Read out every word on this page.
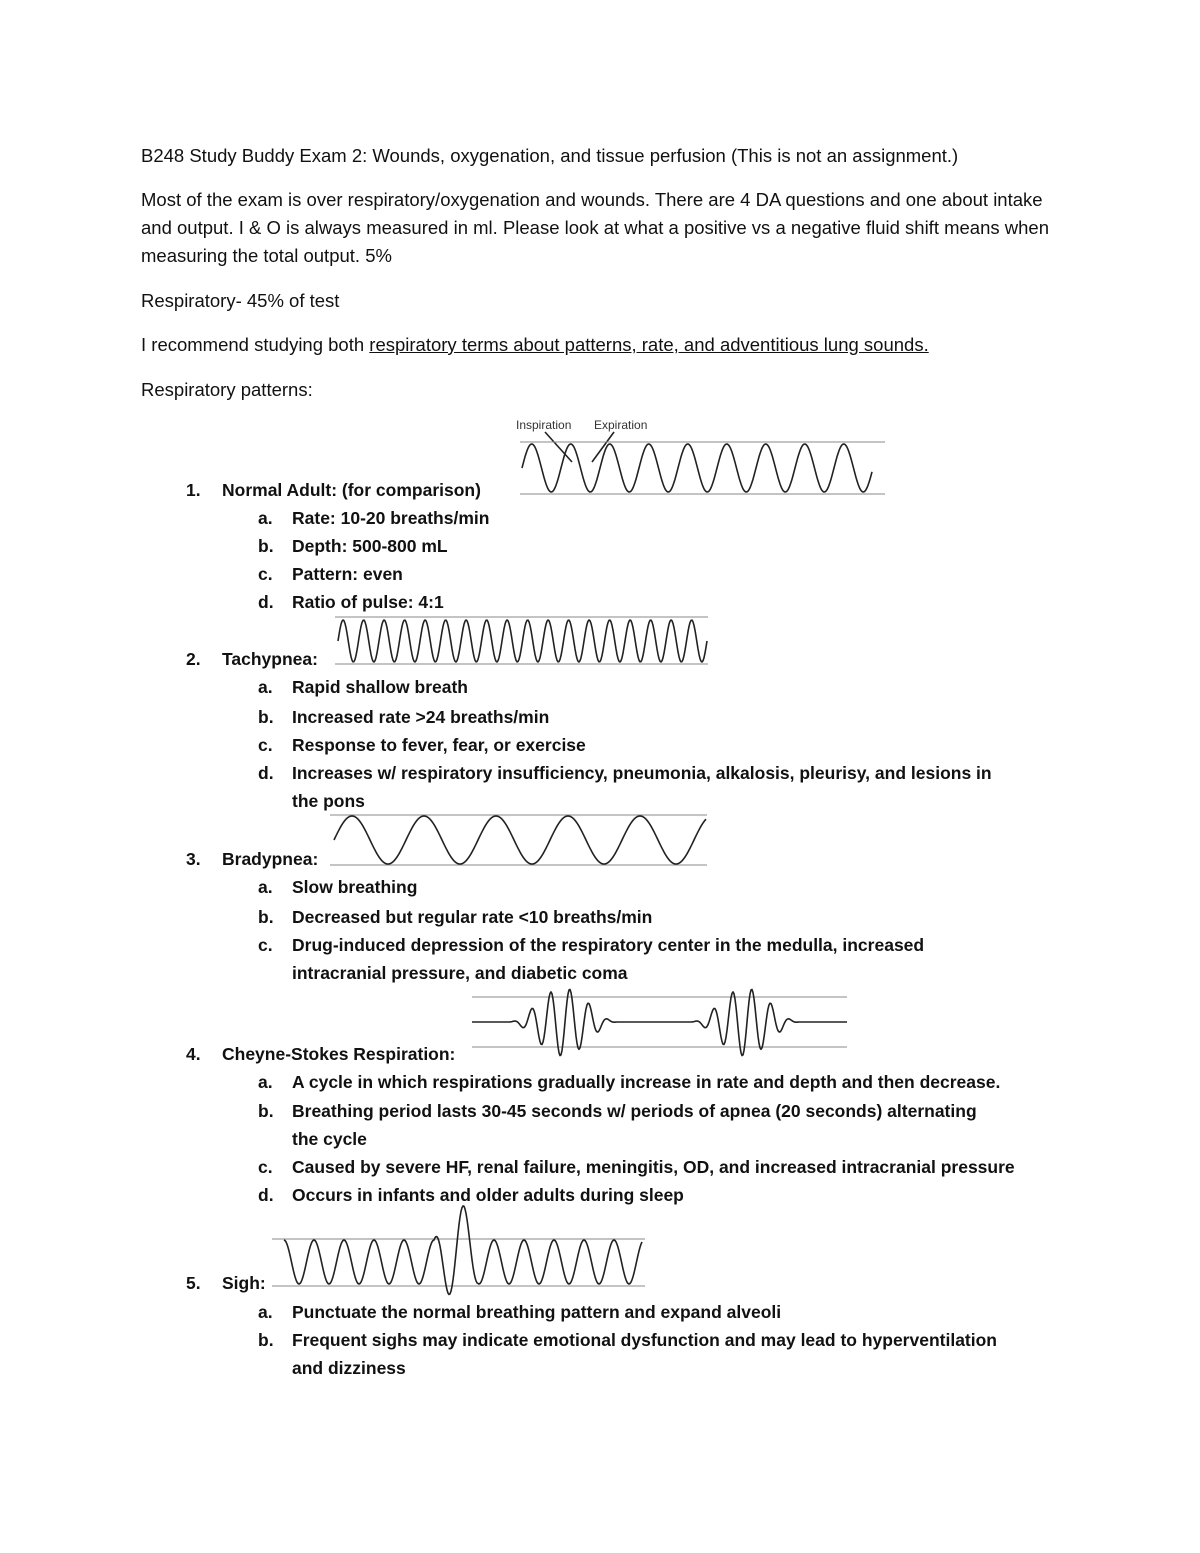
B248 Study Buddy Exam 2: Wounds, oxygenation, and tissue perfusion (This is not an assignment.)

Most of the exam is over respiratory/oxygenation and wounds. There are 4 DA questions and one about intake and output. I & O is always measured in ml. Please look at what a positive vs a negative fluid shift means when measuring the total output. 5%

Respiratory- 45% of test

I recommend studying both respiratory terms about patterns, rate, and adventitious lung sounds.

Respiratory patterns:

1. Normal Adult: (for comparison)
a. Rate: 10-20 breaths/min
b. Depth: 500-800 mL
c. Pattern: even
d. Ratio of pulse: 4:1
2. Tachypnea:
a. Rapid shallow breath
b. Increased rate >24 breaths/min
c. Response to fever, fear, or exercise
d. Increases w/ respiratory insufficiency, pneumonia, alkalosis, pleurisy, and lesions in
the pons
3. Bradypnea:
a. Slow breathing
b. Decreased but regular rate <10 breaths/min
c. Drug-induced depression of the respiratory center in the medulla, increased
intracranial pressure, and diabetic coma
4. Cheyne-Stokes Respiration:
a. A cycle in which respirations gradually increase in rate and depth and then decrease.
b. Breathing period lasts 30-45 seconds w/ periods of apnea (20 seconds) alternating
the cycle
c. Caused by severe HF, renal failure, meningitis, OD, and increased intracranial pressure
d. Occurs in infants and older adults during sleep
5. Sigh:
a. Punctuate the normal breathing pattern and expand alveoli
b. Frequent sighs may indicate emotional dysfunction and may lead to hyperventilation
and dizziness
Inspiration Expiration
